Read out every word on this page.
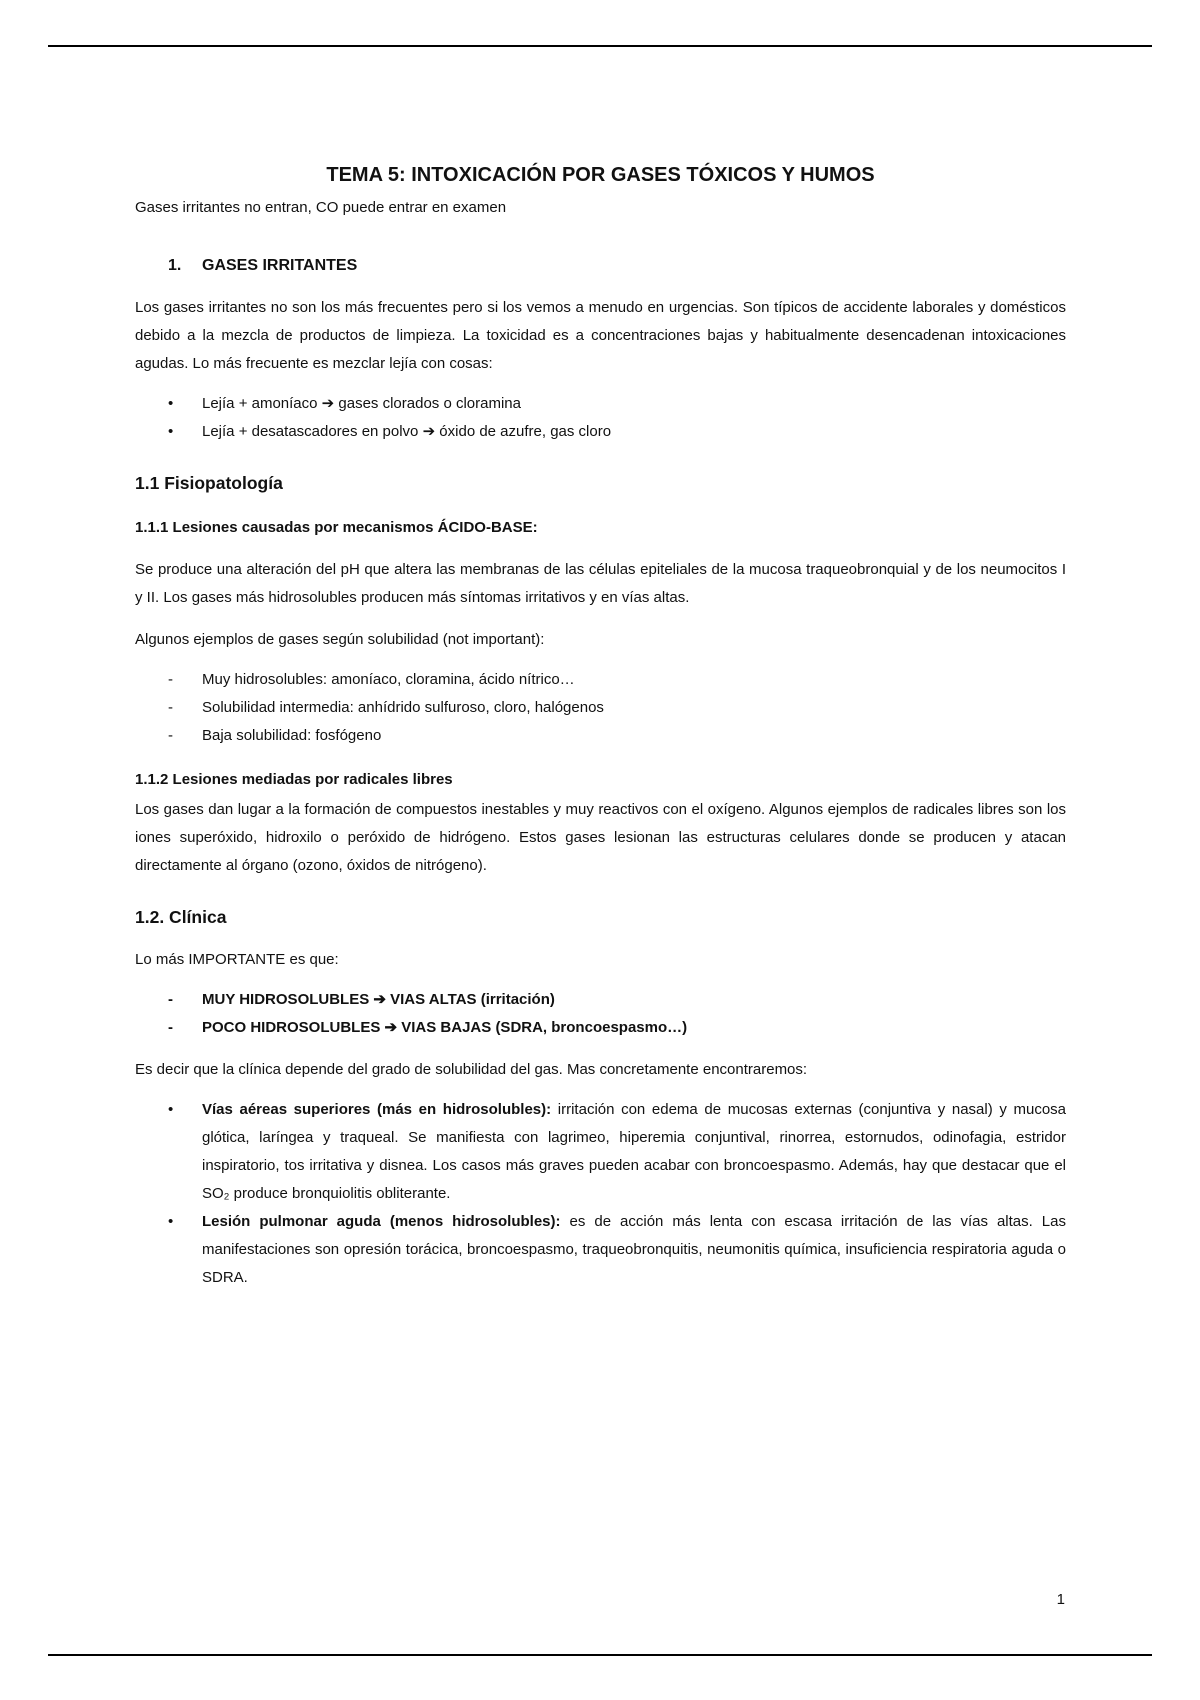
TEMA 5: INTOXICACIÓN POR GASES TÓXICOS Y HUMOS

Gases irritantes no entran, CO puede entrar en examen

1.	GASES IRRITANTES

Los gases irritantes no son los más frecuentes pero si los vemos a menudo en urgencias. Son típicos de accidente laborales y domésticos debido a la mezcla de productos de limpieza. La toxicidad es a concentraciones bajas y habitualmente desencadenan intoxicaciones agudas. Lo más frecuente es mezclar lejía con cosas:

•	Lejía + amoníaco ➔ gases clorados o cloramina
•	Lejía + desatascadores en polvo ➔ óxido de azufre, gas cloro
1.1 Fisiopatología
1.1.1 Lesiones causadas por mecanismos ÁCIDO-BASE:

Se produce una alteración del pH que altera las membranas de las células epiteliales de la mucosa traqueobronquial y de los neumocitos I y II. Los gases más hidrosolubles producen más síntomas irritativos y en vías altas.

Algunos ejemplos de gases según solubilidad (not important):

-	Muy hidrosolubles: amoníaco, cloramina, ácido nítrico…
-	Solubilidad intermedia: anhídrido sulfuroso, cloro, halógenos
-	Baja solubilidad: fosfógeno
1.1.2 Lesiones mediadas por radicales libres

Los gases dan lugar a la formación de compuestos inestables y muy reactivos con el oxígeno. Algunos ejemplos de radicales libres son los iones superóxido, hidroxilo o peróxido de hidrógeno. Estos gases lesionan las estructuras celulares donde se producen y atacan directamente al órgano (ozono, óxidos de nitrógeno).

1.2. Clínica

Lo más IMPORTANTE es que:

-	MUY HIDROSOLUBLES ➔ VIAS ALTAS (irritación)
-	POCO HIDROSOLUBLES ➔ VIAS BAJAS (SDRA, broncoespasmo…)

Es decir que la clínica depende del grado de solubilidad del gas. Mas concretamente encontraremos:

•	Vías aéreas superiores (más en hidrosolubles): irritación con edema de mucosas externas (conjuntiva y nasal) y mucosa glótica, laríngea y traqueal. Se manifiesta con lagrimeo, hiperemia conjuntival, rinorrea, estornudos, odinofagia, estridor inspiratorio, tos irritativa y disnea. Los casos más graves pueden acabar con broncoespasmo. Además, hay que destacar que el SO₂ produce bronquiolitis obliterante.
•	Lesión pulmonar aguda (menos hidrosolubles): es de acción más lenta con escasa irritación de las vías altas. Las manifestaciones son opresión torácica, broncoespasmo, traqueobronquitis, neumonitis química, insuficiencia respiratoria aguda o SDRA.
1
